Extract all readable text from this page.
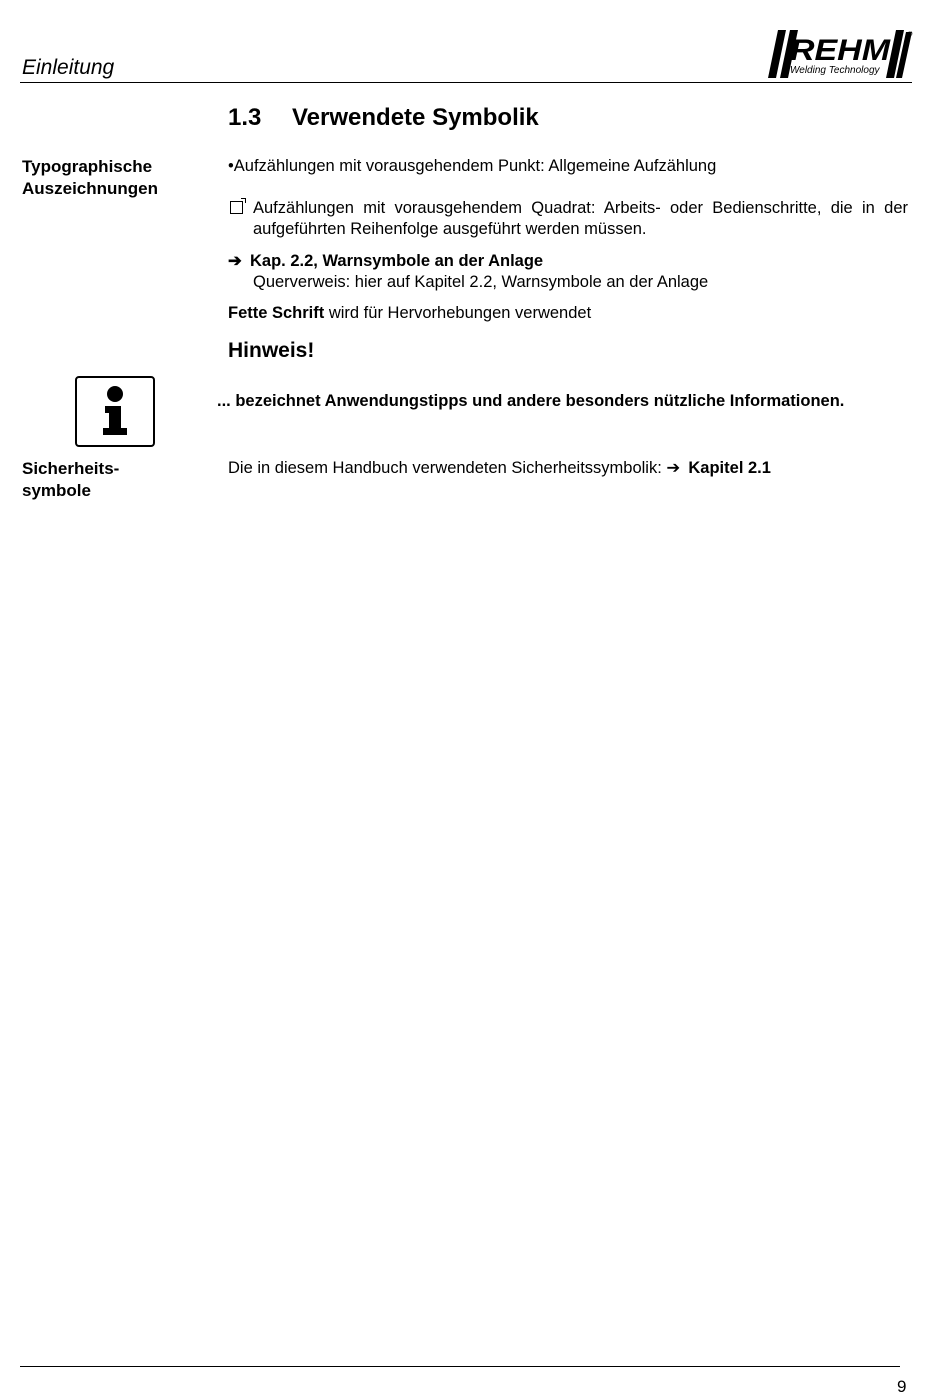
Einleitung
REHM
Welding Technology
®
1.3 Verwendete Symbolik
Typographische
Auszeichnungen
•Aufzählungen mit vorausgehendem Punkt: Allgemeine Aufzählung
Aufzählungen mit vorausgehendem Quadrat: Arbeits- oder Bedienschritte, die in der aufgeführten Reihenfolge ausgeführt werden müssen.
➔ Kap. 2.2, Warnsymbole an der Anlage
Querverweis: hier auf Kapitel 2.2, Warnsymbole an der Anlage
Fette Schrift wird für Hervorhebungen verwendet
Hinweis!
... bezeichnet Anwendungstipps und andere besonders nützliche Informationen.
Sicherheits-
symbole
Die in diesem Handbuch verwendeten Sicherheitssymbolik: ➔ Kapitel 2.1
9
